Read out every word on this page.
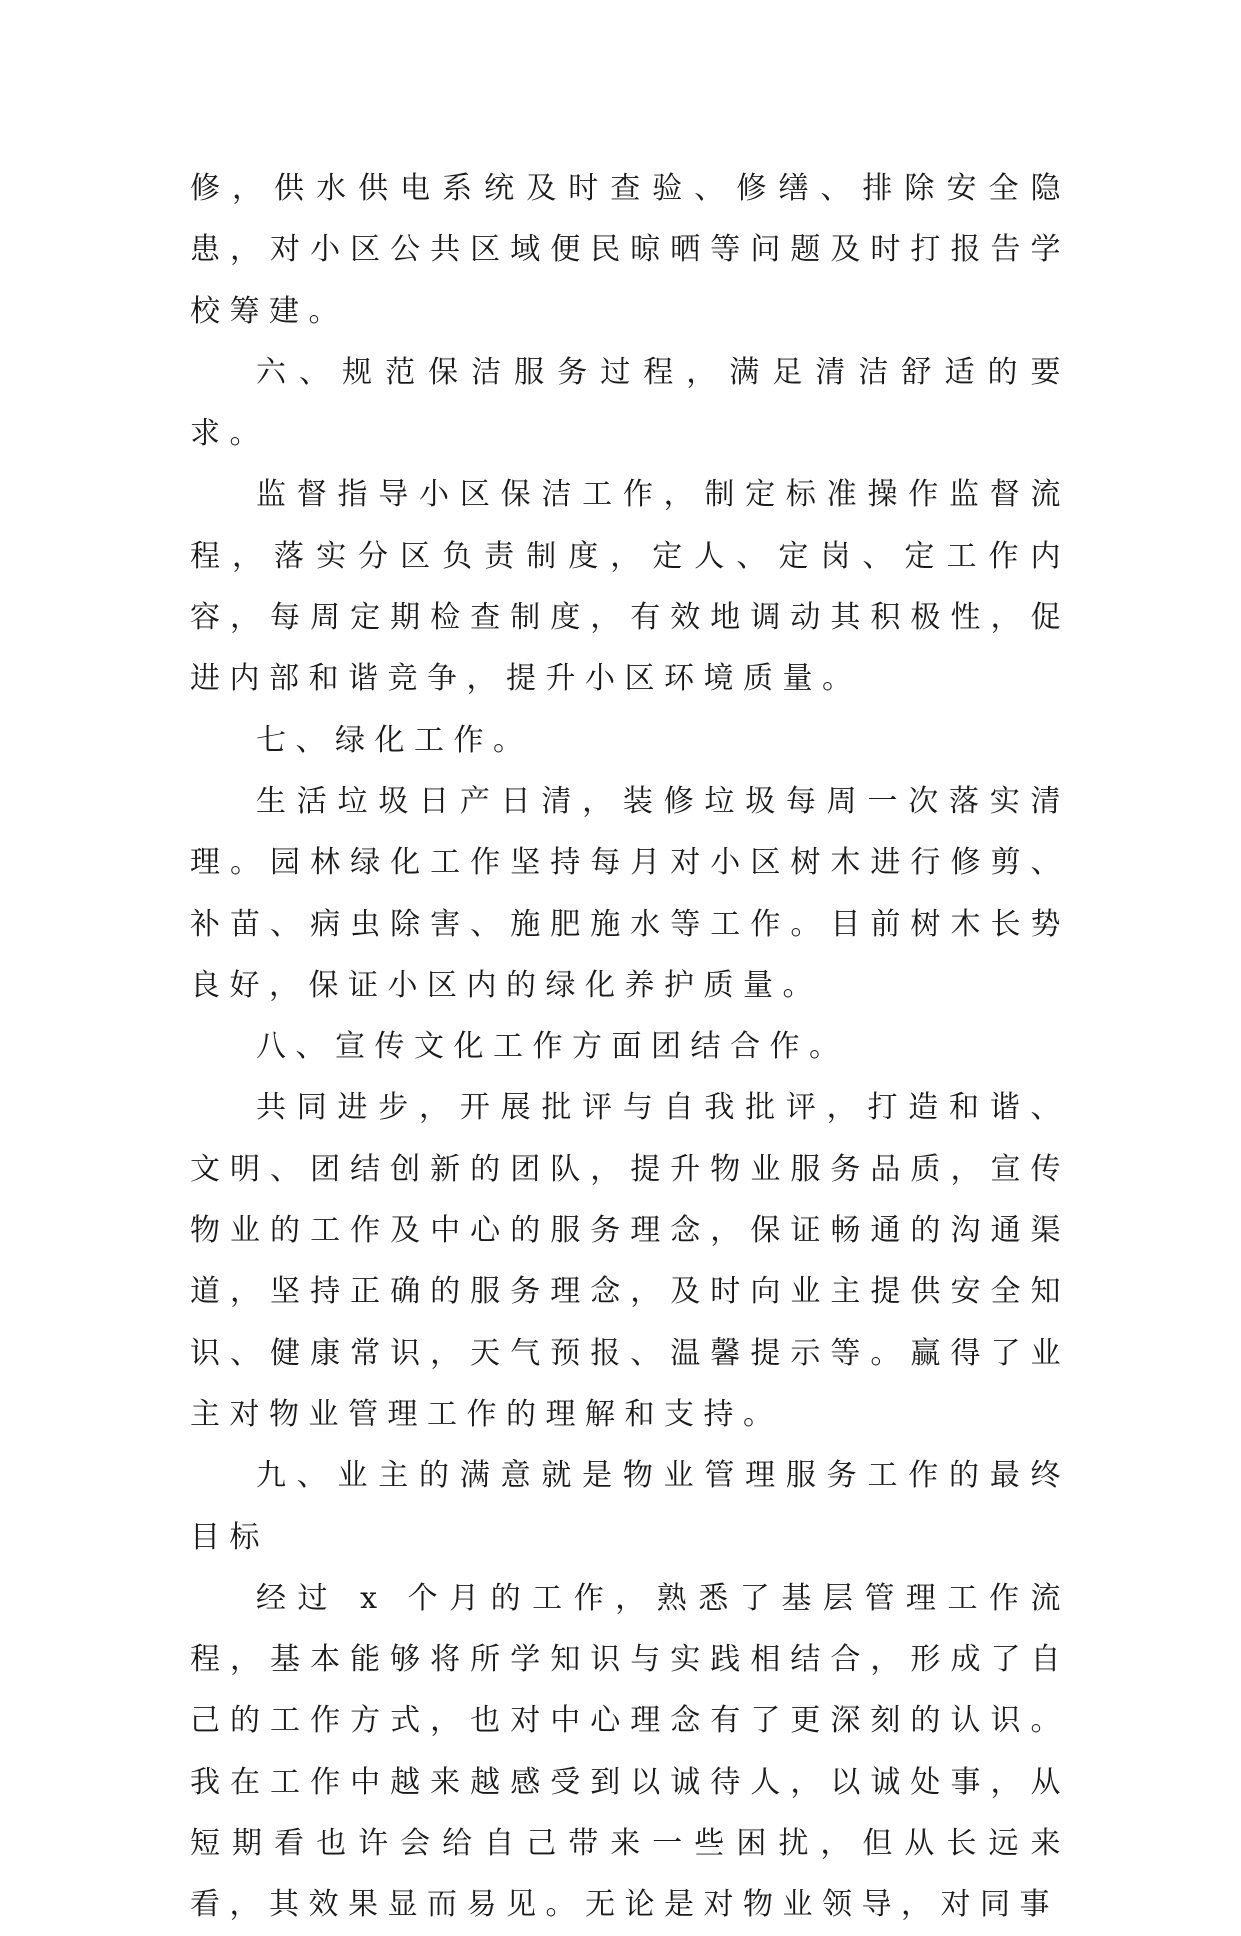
修，供水供电系统及时查验、修缮、排除安全隐患，对小区公共区域便民晾晒等问题及时打报告学校筹建。

六、规范保洁服务过程，满足清洁舒适的要求。

监督指导小区保洁工作，制定标准操作监督流程，落实分区负责制度，定人、定岗、定工作内容，每周定期检查制度，有效地调动其积极性，促进内部和谐竞争，提升小区环境质量。

七、绿化工作。

生活垃圾日产日清，装修垃圾每周一次落实清理。园林绿化工作坚持每月对小区树木进行修剪、补苗、病虫除害、施肥施水等工作。目前树木长势良好，保证小区内的绿化养护质量。

八、宣传文化工作方面团结合作。

共同进步，开展批评与自我批评，打造和谐、文明、团结创新的团队，提升物业服务品质，宣传物业的工作及中心的服务理念，保证畅通的沟通渠道，坚持正确的服务理念，及时向业主提供安全知识、健康常识，天气预报、温馨提示等。赢得了业主对物业管理工作的理解和支持。

九、业主的满意就是物业管理服务工作的最终目标

经过 x 个月的工作，熟悉了基层管理工作流程，基本能够将所学知识与实践相结合，形成了自己的工作方式，也对中心理念有了更深刻的认识。我在工作中越来越感受到以诚待人，以诚处事，从短期看也许会给自己带来一些困扰，但从长远来看，其效果显而易见。无论是对物业领导，对同事
